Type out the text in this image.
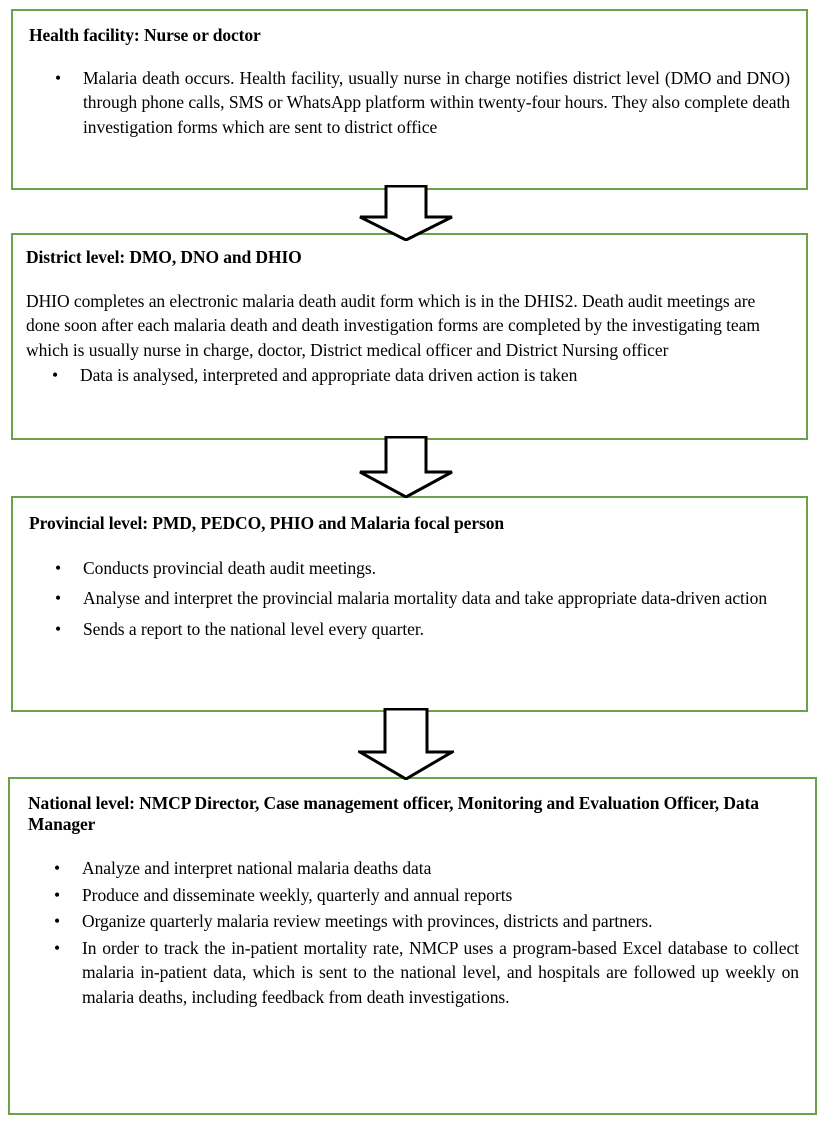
Health facility: Nurse or doctor

• Malaria death occurs. Health facility, usually nurse in charge notifies district level (DMO and DNO) through phone calls, SMS or WhatsApp platform within twenty-four hours. They also complete death investigation forms which are sent to district office

District level: DMO, DNO and DHIO

DHIO completes an electronic malaria death audit form which is in the DHIS2. Death audit meetings are done soon after each malaria death and death investigation forms are completed by the investigating team which is usually nurse in charge, doctor, District medical officer and District Nursing officer

• Data is analysed, interpreted and appropriate data driven action is taken

Provincial level: PMD, PEDCO, PHIO and Malaria focal person

• Conducts provincial death audit meetings.
• Analyse and interpret the provincial malaria mortality data and take appropriate data-driven action
• Sends a report to the national level every quarter.

National level: NMCP Director, Case management officer, Monitoring and Evaluation Officer, Data Manager

• Analyze and interpret national malaria deaths data
• Produce and disseminate weekly, quarterly and annual reports
• Organize quarterly malaria review meetings with provinces, districts and partners.
• In order to track the in-patient mortality rate, NMCP uses a program-based Excel database to collect malaria in-patient data, which is sent to the national level, and hospitals are followed up weekly on malaria deaths, including feedback from death investigations.
